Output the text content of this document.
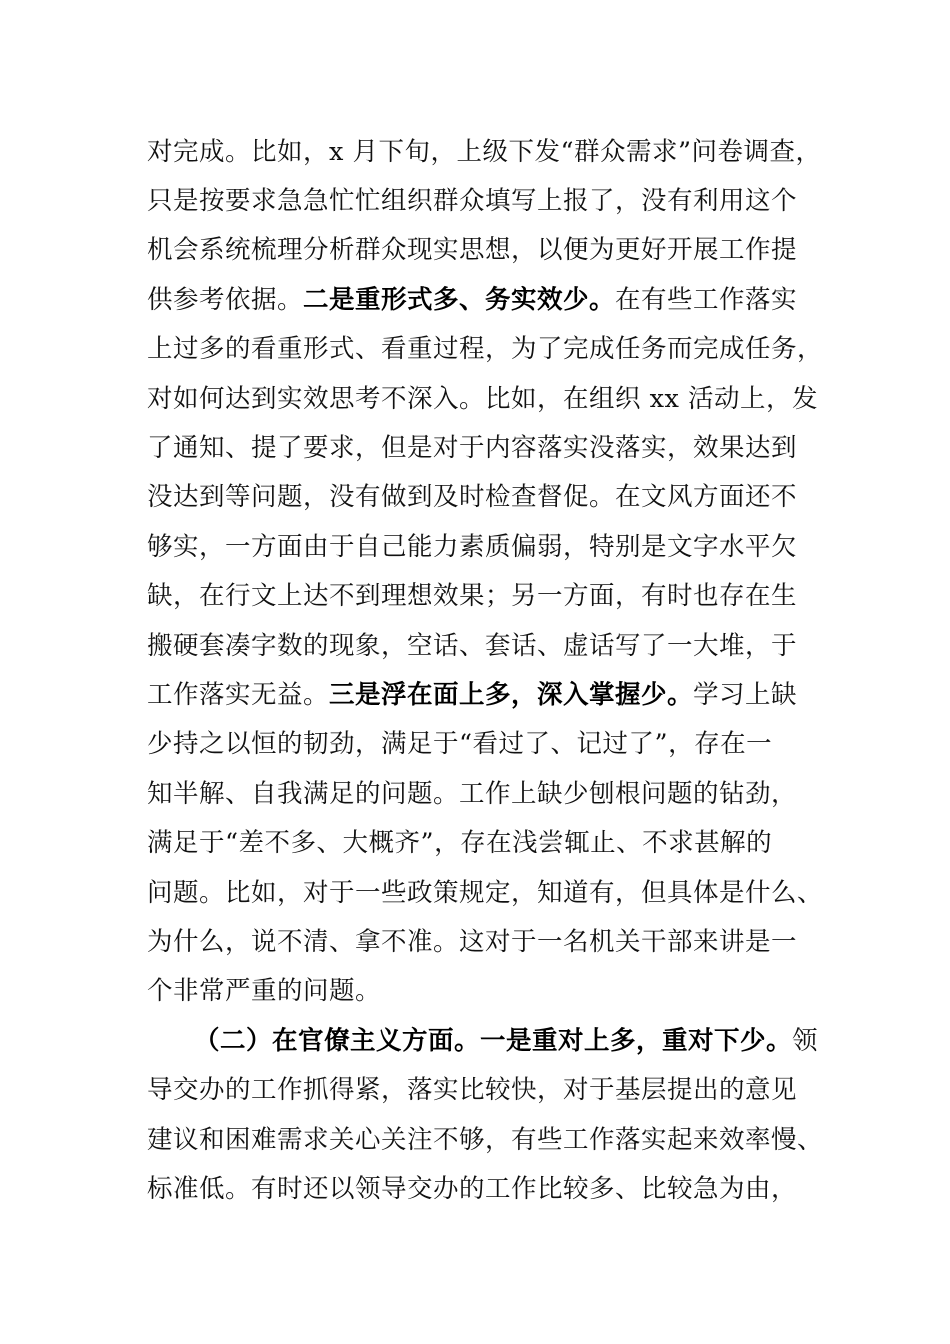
对完成。比如，x 月下旬，上级下发“群众需求”问卷调查，
只是按要求急急忙忙组织群众填写上报了，没有利用这个
机会系统梳理分析群众现实思想，以便为更好开展工作提
供参考依据。二是重形式多、务实效少。在有些工作落实
上过多的看重形式、看重过程，为了完成任务而完成任务，
对如何达到实效思考不深入。比如，在组织 xx 活动上，发
了通知、提了要求，但是对于内容落实没落实，效果达到
没达到等问题，没有做到及时检查督促。在文风方面还不
够实，一方面由于自己能力素质偏弱，特别是文字水平欠
缺，在行文上达不到理想效果；另一方面，有时也存在生
搬硬套凑字数的现象，空话、套话、虚话写了一大堆，于
工作落实无益。三是浮在面上多，深入掌握少。学习上缺
少持之以恒的韧劲，满足于“看过了、记过了”，存在一
知半解、自我满足的问题。工作上缺少刨根问题的钻劲，
满足于“差不多、大概齐”，存在浅尝辄止、不求甚解的
问题。比如，对于一些政策规定，知道有，但具体是什么、
为什么，说不清、拿不准。这对于一名机关干部来讲是一
个非常严重的问题。
（二）在官僚主义方面。一是重对上多，重对下少。领
导交办的工作抓得紧，落实比较快，对于基层提出的意见
建议和困难需求关心关注不够，有些工作落实起来效率慢、
标准低。有时还以领导交办的工作比较多、比较急为由，
